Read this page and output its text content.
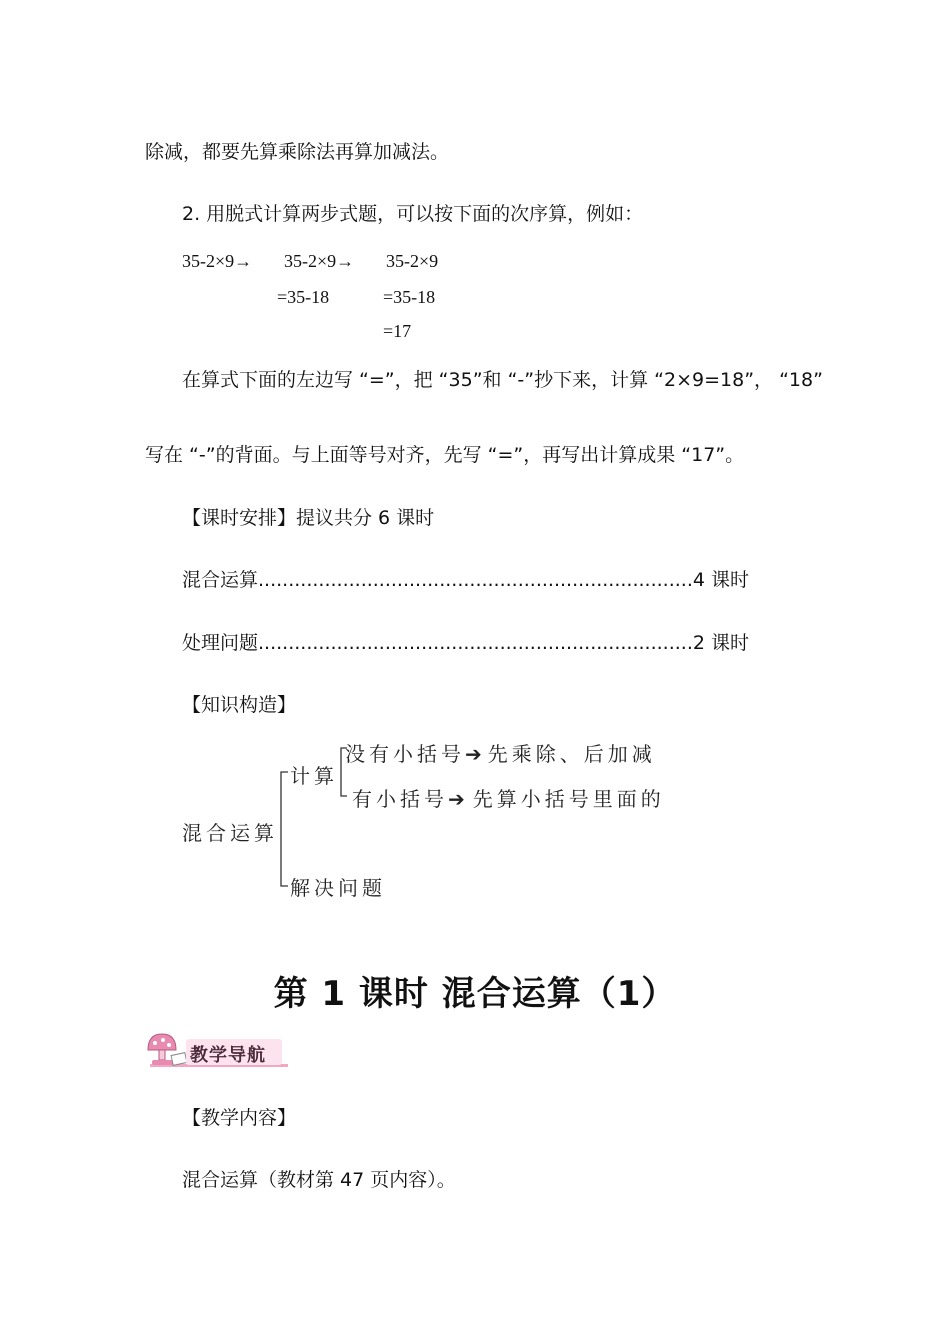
除减，都要先算乘除法再算加减法。
2. 用脱式计算两步式题，可以按下面的次序算，例如：
35-2×9→ 35-2×9→ 35-2×9
=35-18	=35-18
=17
在算式下面的左边写 “=”，把 “35”和 “-”抄下来，计算 “2×9=18”， “18”
写在 “-”的背面。与上面等号对齐，先写 “=”，再写出计算成果 “17”。
【课时安排】提议共分 6 课时
混合运算........................................................................4 课时
处理问题........................................................................2 课时
【知识构造】
混合运算
计算
没有小括号➔ 先乘除、后加减
有小括号➔ 先算小括号里面的
解决问题
第 1 课时 混合运算（1）
教学导航
【教学内容】
混合运算（教材第 47 页内容）。
